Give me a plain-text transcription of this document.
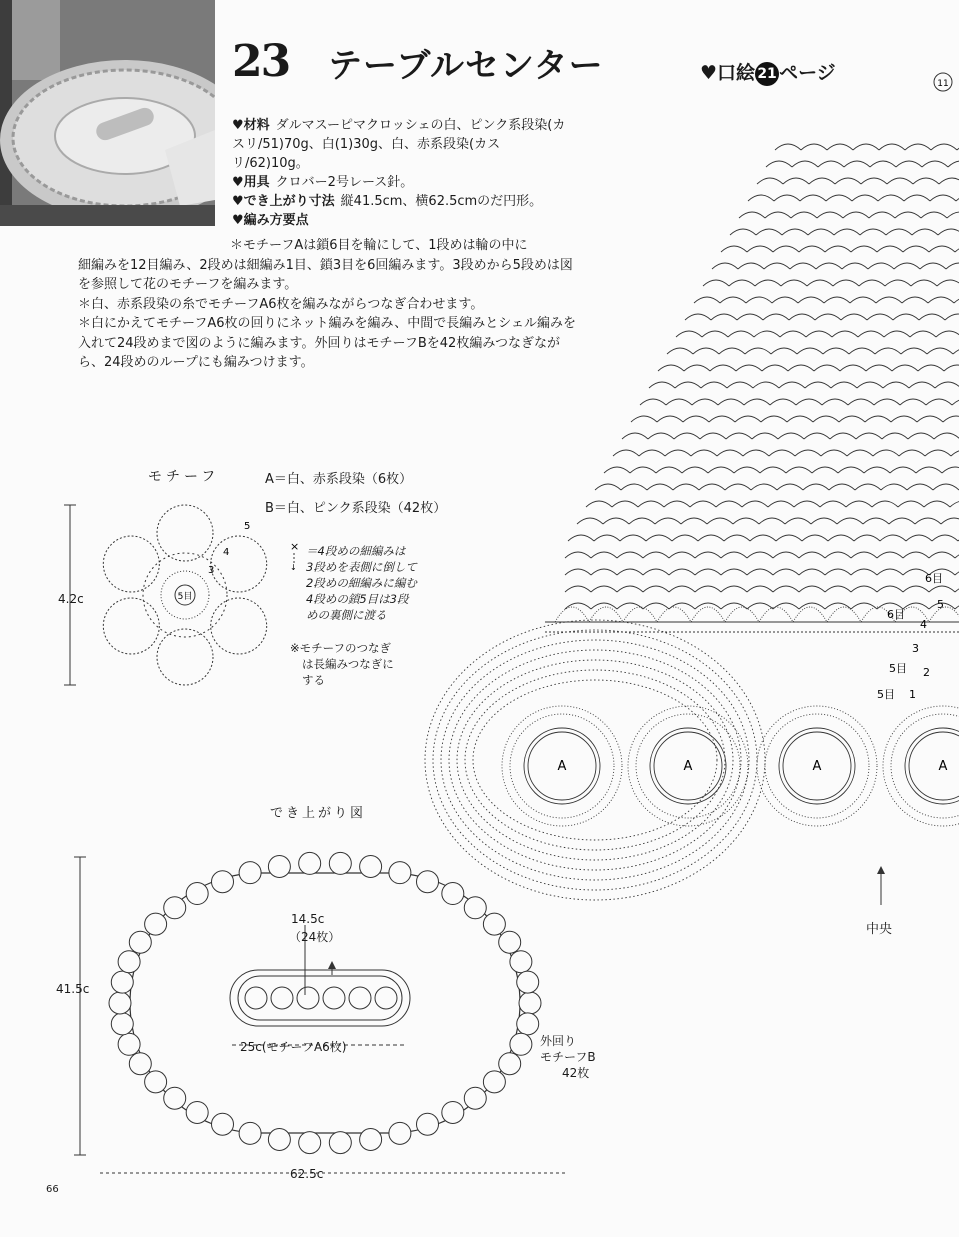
23 テーブルセンター	♥口絵 21 ページ

♥材料 ダルマスーピマクロッシェの白、ピンク系段染(カスリ/51)70g、白(1)30g、白、赤系段染(カスリ/62)10g。

♥用具 クロバー2号レース針。

♥でき上がり寸法 縦41.5cm、横62.5cmのだ円形。

♥編み方要点

＊モチーフAは鎖6目を輪にして、1段めは輪の中に

細編みを12目編み、2段めは細編み1目、鎖3目を6回編みます。3段めから5段めは図を参照して花のモチーフを編みます。

＊白、赤系段染の糸でモチーフA6枚を編みながらつなぎ合わせます。

＊白にかえてモチーフA6枚の回りにネット編みを編み、中間で長編みとシェル編みを入れて24段めまで図のように編みます。外回りはモチーフBを42枚編みつなぎながら、24段めのループにも編みつけます。

モチーフ	A＝白、赤系段染（6枚）
B＝白、ピンク系段染（42枚）
4.2c
＝4段めの細編みは
3段めを表側に倒して
2段めの細編みに編む
4段めの鎖5目は3段
めの裏側に渡る
※モチーフのつなぎ
は長編みつなぎに
する
5目
5
4
3
×
↓
A	A	A	A
11
6目
5
4
3
2
1
6目
5目
5目
中央
でき上がり図
14.5c
（24枚）
41.5c
25c(モチーフA6枚)	外回り
モチーフB
42枚
62.5c
66
